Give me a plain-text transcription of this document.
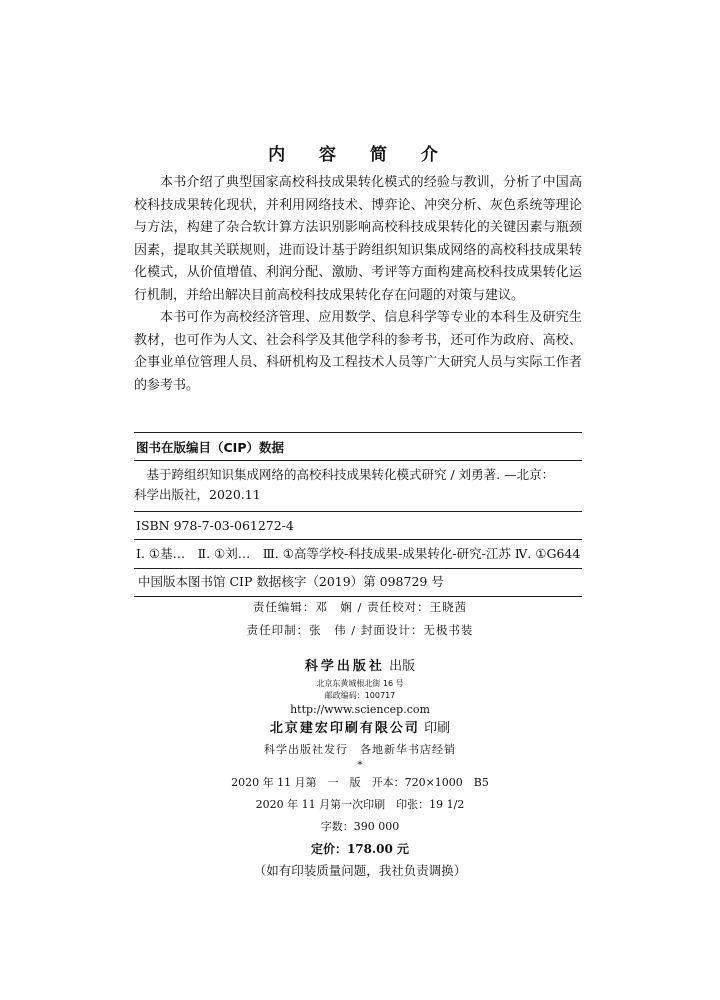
内 容 简 介

本书介绍了典型国家高校科技成果转化模式的经验与教训，分析了中国高校科技成果转化现状，并利用网络技术、博弈论、冲突分析、灰色系统等理论与方法，构建了杂合软计算方法识别影响高校科技成果转化的关键因素与瓶颈因素，提取其关联规则，进而设计基于跨组织知识集成网络的高校科技成果转化模式，从价值增值、利润分配、激励、考评等方面构建高校科技成果转化运行机制，并给出解决目前高校科技成果转化存在问题的对策与建议。

本书可作为高校经济管理、应用数学、信息科学等专业的本科生及研究生教材，也可作为人文、社会科学及其他学科的参考书，还可作为政府、高校、企事业单位管理人员、科研机构及工程技术人员等广大研究人员与实际工作者的参考书。

图书在版编目（CIP）数据
基于跨组织知识集成网络的高校科技成果转化模式研究 / 刘勇著. —北京：
科学出版社，2020.11
ISBN 978-7-03-061272-4
Ⅰ. ①基…　Ⅱ. ①刘…　Ⅲ. ①高等学校-科技成果-成果转化-研究-江苏 Ⅳ. ①G644
中国版本图书馆 CIP 数据核字（2019）第 098729 号
责任编辑：邓　娴 / 责任校对：王晓茜
责任印制：张　伟 / 封面设计：无极书装
科学出版社 出版
北京东黄城根北街 16 号
邮政编码：100717
http://www.sciencep.com
北京建宏印刷有限公司 印刷
科学出版社发行　各地新华书店经销
*
2020 年 11 月第　一　版　开本：720×1000　B5
2020 年 11 月第一次印刷　印张：19 1/2
字数：390 000
定价：178.00 元
（如有印装质量问题，我社负责调换）
